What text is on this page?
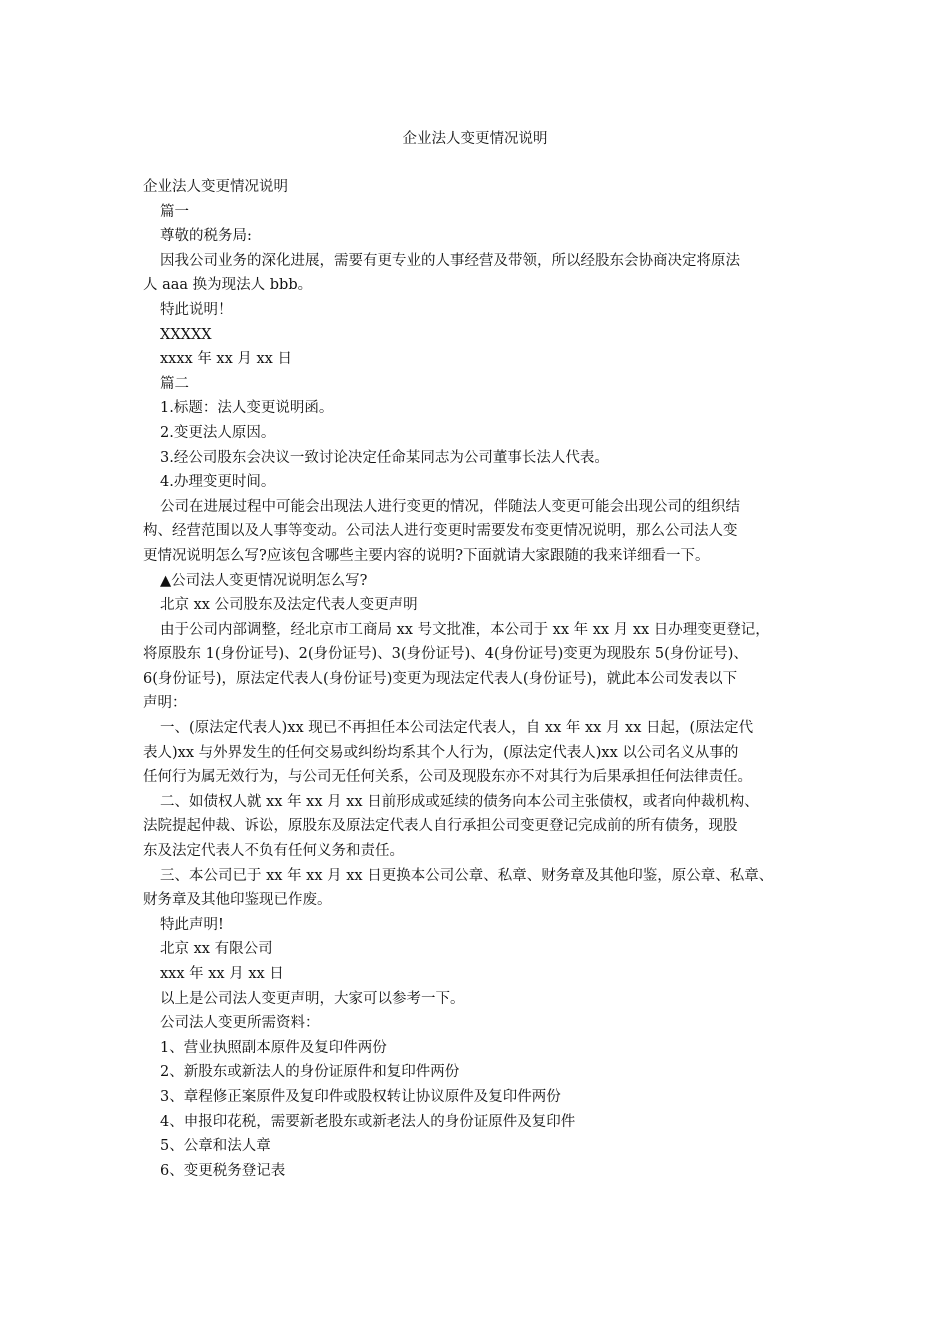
企业法人变更情况说明

企业法人变更情况说明

篇一

尊敬的税务局:

因我公司业务的深化进展，需要有更专业的人事经营及带领，所以经股东会协商决定将原法

人 aaa 换为现法人 bbb。

特此说明！

XXXXX

xxxx 年 xx 月 xx 日

篇二

1.标题：法人变更说明函。

2.变更法人原因。

3.经公司股东会决议一致讨论决定任命某同志为公司董事长法人代表。

4.办理变更时间。

公司在进展过程中可能会出现法人进行变更的情况，伴随法人变更可能会出现公司的组织结

构、经营范围以及人事等变动。公司法人进行变更时需要发布变更情况说明，那么公司法人变

更情况说明怎么写?应该包含哪些主要内容的说明?下面就请大家跟随的我来详细看一下。

▲公司法人变更情况说明怎么写?

北京 xx 公司股东及法定代表人变更声明

由于公司内部调整，经北京市工商局 xx 号文批准，本公司于 xx 年 xx 月 xx 日办理变更登记，

将原股东 1(身份证号)、2(身份证号)、3(身份证号)、4(身份证号)变更为现股东 5(身份证号)、

6(身份证号)，原法定代表人(身份证号)变更为现法定代表人(身份证号)，就此本公司发表以下

声明：

一、(原法定代表人)xx 现已不再担任本公司法定代表人，自 xx 年 xx 月 xx 日起，(原法定代

表人)xx 与外界发生的任何交易或纠纷均系其个人行为，(原法定代表人)xx 以公司名义从事的

任何行为属无效行为，与公司无任何关系，公司及现股东亦不对其行为后果承担任何法律责任。

二、如债权人就 xx 年 xx 月 xx 日前形成或延续的债务向本公司主张债权，或者向仲裁机构、

法院提起仲裁、诉讼，原股东及原法定代表人自行承担公司变更登记完成前的所有债务，现股

东及法定代表人不负有任何义务和责任。

三、本公司已于 xx 年 xx 月 xx 日更换本公司公章、私章、财务章及其他印鉴，原公章、私章、

财务章及其他印鉴现已作废。

特此声明!

北京 xx 有限公司

xxx 年 xx 月 xx 日

以上是公司法人变更声明，大家可以参考一下。

公司法人变更所需资料：

1、营业执照副本原件及复印件两份

2、新股东或新法人的身份证原件和复印件两份

3、章程修正案原件及复印件或股权转让协议原件及复印件两份

4、申报印花税，需要新老股东或新老法人的身份证原件及复印件

5、公章和法人章

6、变更税务登记表
